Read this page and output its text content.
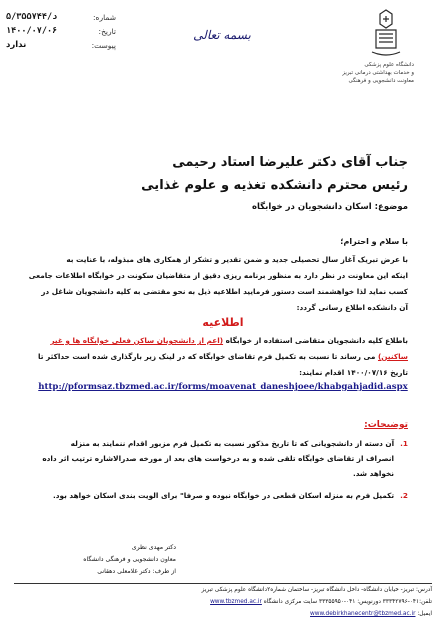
شماره:
۵/د/۳۵۵۷۴۴
تاریخ:
۱۴۰۰/۰۷/۰۶
پیوست:
ندارد
بسمه تعالی
دانشگاه علوم پزشکی
و خدمات بهداشتی درمانی تبریز
معاونت دانشجویی و فرهنگی
جناب آقای دکتر علیرضا استاد رحیمی
رئیس محترم دانشکده تغذیه و علوم غذایی
موضوع: اسکان دانشجویان در خوابگاه
با سلام و احترام؛
با عرض تبریک آغاز سال تحصیلی جدید و ضمن تقدیر و تشکر از همکاری های مبذوله، با عنایت به
اینکه این معاونت در نظر دارد به منظور برنامه ریزی دقیق از متقاضیان سکونت در خوابگاه اطلاعات جامعی
کسب نماید لذا خواهشمند است دستور فرمایید اطلاعیه ذیل به نحو مقتضی به کلیه دانشجویان شاغل در
آن دانشکده اطلاع رسانی گردد:
اطلاعیه
باطلاع کلیه دانشجویان متقاضی استفاده از خوابگاه (اعم از دانشجویان ساکن فعلی خوابگاه ها و غیر
ساکنین) می رساند تا نسبت به تکمیل فرم تقاضای خوابگاه که در لینک زیر بارگذاری شده است حداکثر تا
تاریخ ۱۴۰۰/۰۷/۱۶ اقدام نمایند:
http://pformsaz.tbzmed.ac.ir/forms/moavenat_daneshjoee/khabgahjadid.aspx
توضیحات:
1.آن دسته از دانشجویانی که تا تاریخ مذکور نسبت به تکمیل فرم مزبور اقدام ننمایند به منزله
انصراف از تقاضای خوابگاه تلقی شده و به درخواست های بعد از مورخه صدرالاشاره ترتیب اثر داده
نخواهد شد.
2.تکمیل فرم به منزله اسکان قطعی در خوابگاه نبوده و صرفا" برای الویت بندی اسکان خواهد بود.
دکتر مهدی نظری
معاون دانشجویی و فرهنگی دانشگاه
از طرف: دکتر غلامعلی دهقانی
آدرس: تبریز- خیابان دانشگاه- داخل دانشگاه تبریز- ساختمان شماره۲دانشگاه علوم پزشکی تبریز
تلفن:۰۴۱-۳۳۳۴۲۷۹۶ دورنویس: ۰۴۱-۳۳۳۵۵۹۵۰ سایت مرکزی دانشگاه www.tbzmed.ac.ir
ایمیل: www.debirkhanecentr@tbzmed.ac.ir
